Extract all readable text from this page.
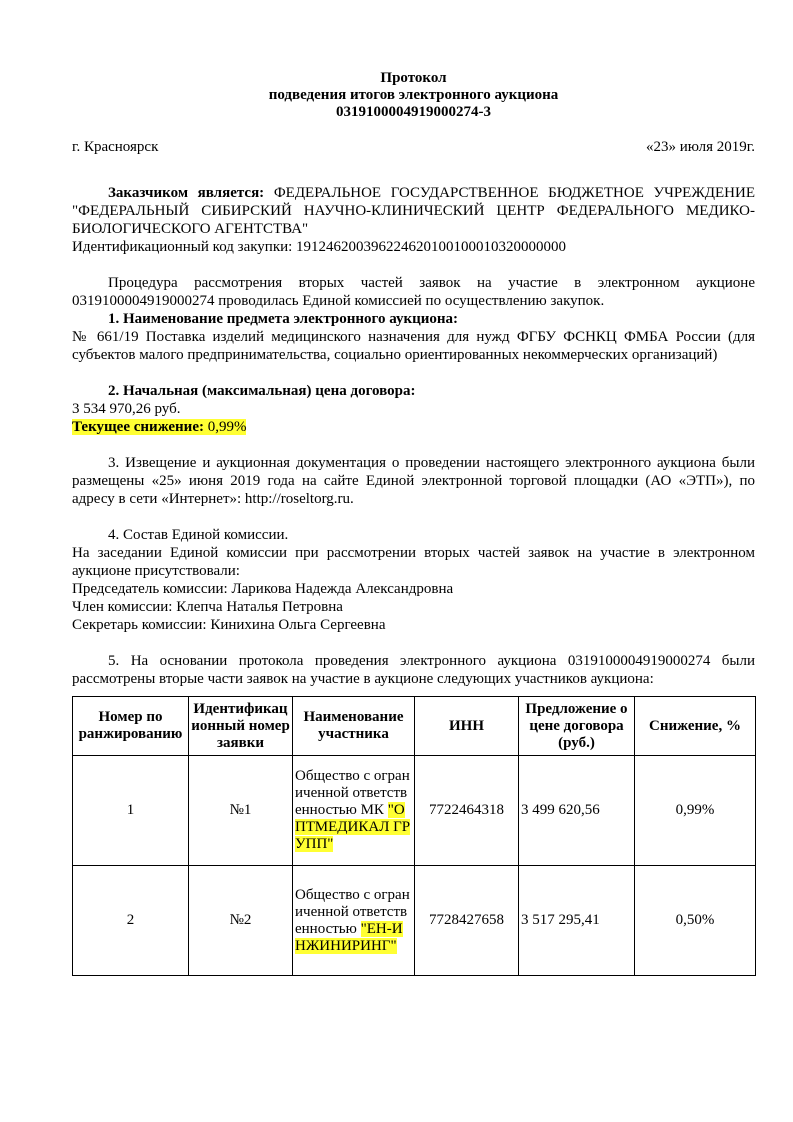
Протокол
подведения итогов электронного аукциона
0319100004919000274-3
г. Красноярск	«23» июля 2019г.

Заказчиком является: ФЕДЕРАЛЬНОЕ ГОСУДАРСТВЕННОЕ БЮДЖЕТНОЕ УЧРЕЖДЕНИЕ "ФЕДЕРАЛЬНЫЙ СИБИРСКИЙ НАУЧНО-КЛИНИЧЕСКИЙ ЦЕНТР ФЕДЕРАЛЬНОГО МЕДИКО-БИОЛОГИЧЕСКОГО АГЕНТСТВА"

Идентификационный код закупки: 191246200396224620100100010320000000

Процедура рассмотрения вторых частей заявок на участие в электронном аукционе 0319100004919000274 проводилась Единой комиссией по осуществлению закупок.

1. Наименование предмета электронного аукциона:

№ 661/19 Поставка изделий медицинского назначения для нужд ФГБУ ФСНКЦ ФМБА России (для субъектов малого предпринимательства, социально ориентированных некоммерческих организаций)

2. Начальная (максимальная) цена договора:

3 534 970,26 руб.

Текущее снижение: 0,99%

3. Извещение и аукционная документация о проведении настоящего электронного аукциона были размещены «25» июня 2019 года на сайте Единой электронной торговой площадки (АО «ЭТП»), по адресу в сети «Интернет»: http://roseltorg.ru.

4. Состав Единой комиссии.

На заседании Единой комиссии при рассмотрении вторых частей заявок на участие в электронном аукционе присутствовали:

Председатель комиссии: Ларикова Надежда Александровна

Член комиссии: Клепча Наталья Петровна

Секретарь комиссии: Кинихина Ольга Сергеевна

5. На основании протокола проведения электронного аукциона 0319100004919000274 были рассмотрены вторые части заявок на участие в аукционе следующих участников аукциона:

Номер по ранжированию	Идентификационный номер заявки	Наименование участника	ИНН	Предложение о цене договора (руб.)	Снижение, %
1	№1	Общество с ограниченной ответственностью МК "ОПТМЕДИКАЛ ГРУПП"	7722464318	3 499 620,56	0,99%
2	№2	Общество с ограниченной ответственностью "ЕН-ИНЖИНИРИНГ"	7728427658	3 517 295,41	0,50%
